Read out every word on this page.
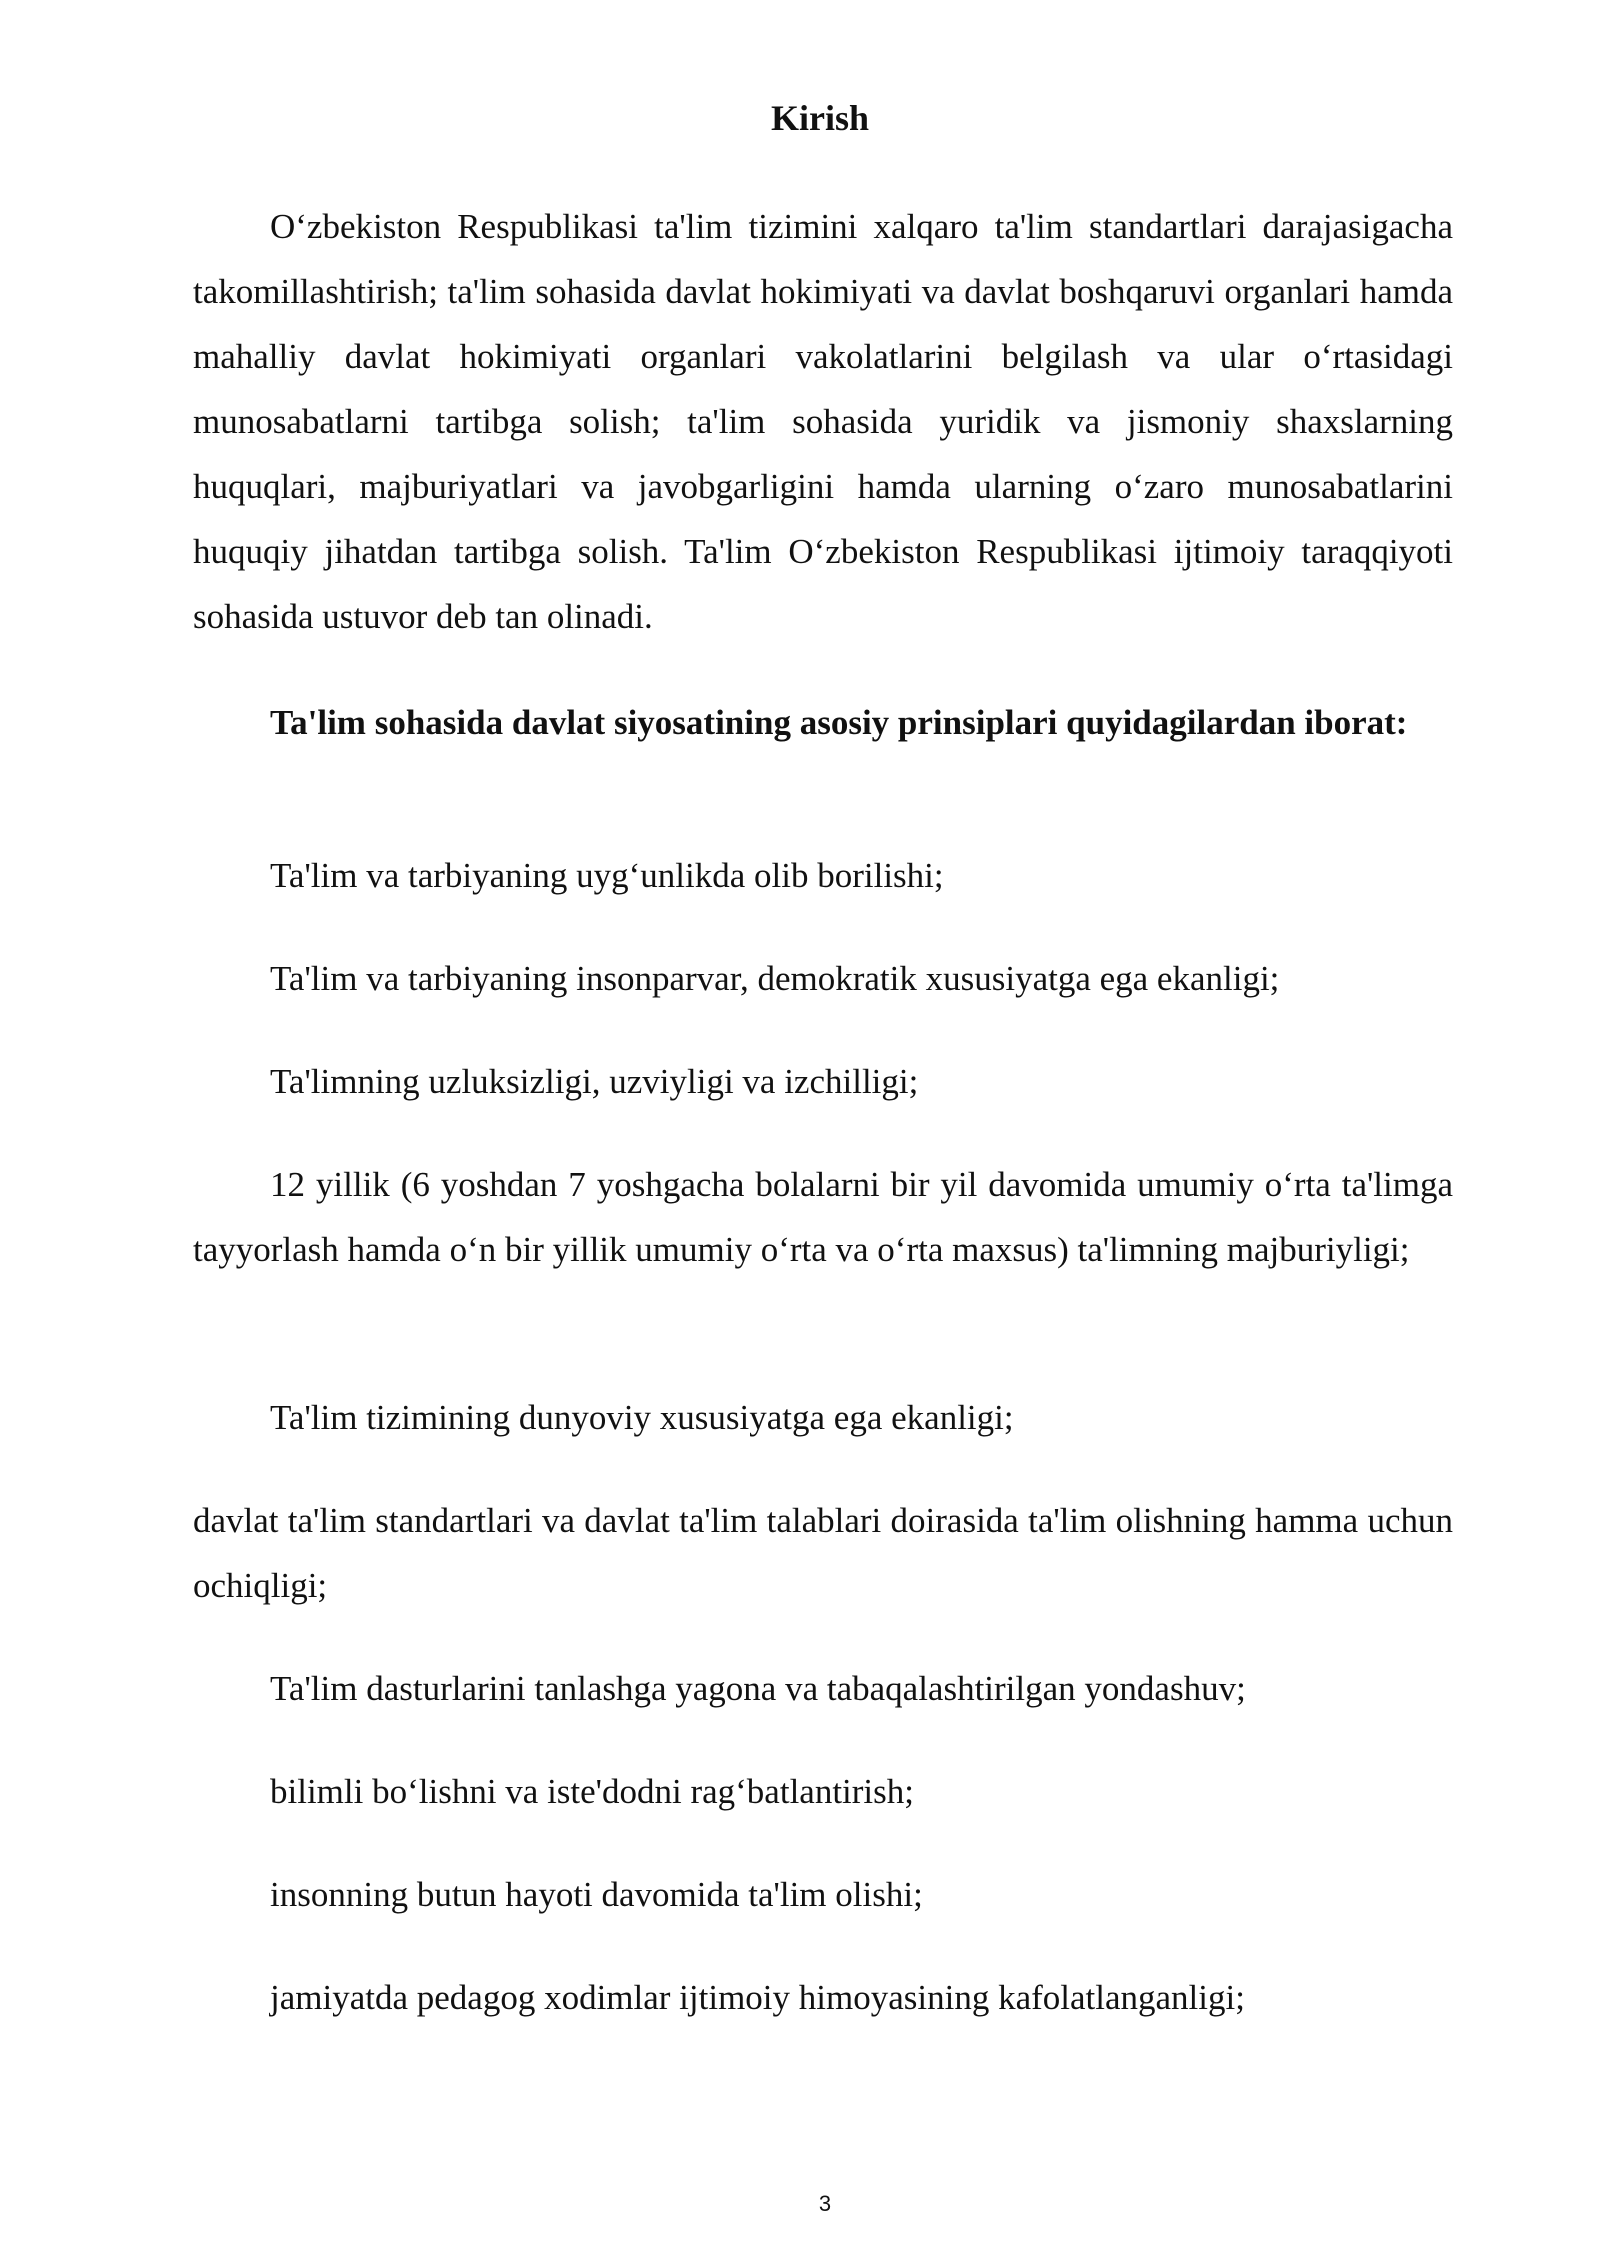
Kirish

O‘zbekiston Respublikasi ta'lim tizimini xalqaro ta'lim standartlari darajasigacha takomillashtirish; ta'lim sohasida davlat hokimiyati va davlat boshqaruvi organlari hamda mahalliy davlat hokimiyati organlari vakolatlarini belgilash va ular o‘rtasidagi munosabatlarni tartibga solish; ta'lim sohasida yuridik va jismoniy shaxslarning huquqlari, majburiyatlari va javobgarligini hamda ularning o‘zaro munosabatlarini huquqiy jihatdan tartibga solish. Ta'lim O‘zbekiston Respublikasi ijtimoiy taraqqiyoti sohasida ustuvor deb tan olinadi.

Ta'lim sohasida davlat siyosatining asosiy prinsiplari quyidagilardan iborat:

Ta'lim va tarbiyaning uyg‘unlikda olib borilishi;

Ta'lim va tarbiyaning insonparvar, demokratik xususiyatga ega ekanligi;

Ta'limning uzluksizligi, uzviyligi va izchilligi;

12 yillik (6 yoshdan 7 yoshgacha bolalarni bir yil davomida umumiy o‘rta ta'limga tayyorlash hamda o‘n bir yillik umumiy o‘rta va o‘rta maxsus) ta'limning majburiyligi;

Ta'lim tizimining dunyoviy xususiyatga ega ekanligi;

davlat ta'lim standartlari va davlat ta'lim talablari doirasida ta'lim olishning hamma uchun ochiqligi;

Ta'lim dasturlarini tanlashga yagona va tabaqalashtirilgan yondashuv;

bilimli bo‘lishni va iste'dodni rag‘batlantirish;

insonning butun hayoti davomida ta'lim olishi;

jamiyatda pedagog xodimlar ijtimoiy himoyasining kafolatlanganligi;

3
